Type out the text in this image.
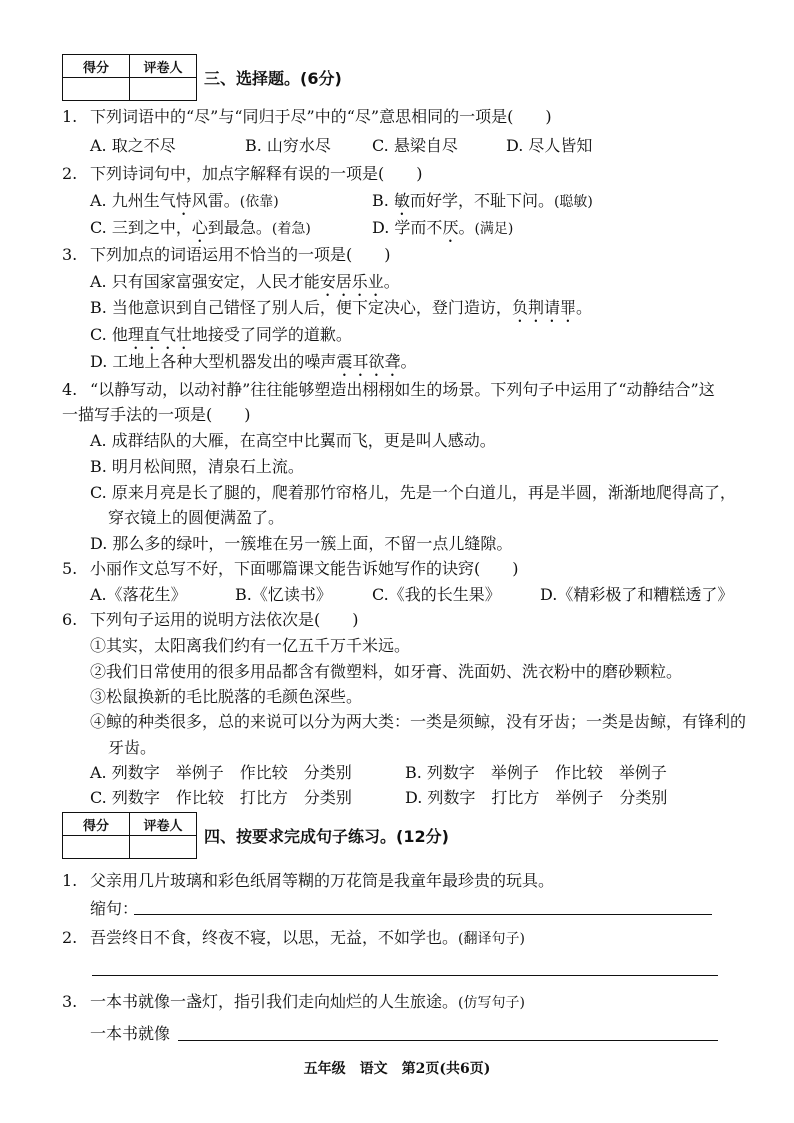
得分	评卷人

三、选择题。(6分)
1. 下列词语中的“尽”与“同归于尽”中的“尽”意思相同的一项是(　　)
A. 取之不尽	B. 山穷水尽	C. 悬梁自尽	D. 尽人皆知
2. 下列诗词句中，加点字解释有误的一项是(　　)
A. 九州生气恃风雷。(依靠)	B. 敏而好学，不耻下问。(聪敏)
C. 三到之中，心到最急。(着急)	D. 学而不厌。(满足)
3. 下列加点的词语运用不恰当的一项是(　　)
A. 只有国家富强安定，人民才能安居乐业。
B. 当他意识到自己错怪了别人后，便下定决心，登门造访，负荆请罪。
C. 他理直气壮地接受了同学的道歉。
D. 工地上各种大型机器发出的噪声震耳欲聋。
4. “以静写动，以动衬静”往往能够塑造出栩栩如生的场景。下列句子中运用了“动静结合”这
一描写手法的一项是(　　)
A. 成群结队的大雁，在高空中比翼而飞，更是叫人感动。
B. 明月松间照，清泉石上流。
C. 原来月亮是长了腿的，爬着那竹帘格儿，先是一个白道儿，再是半圆，渐渐地爬得高了，
穿衣镜上的圆便满盈了。
D. 那么多的绿叶，一簇堆在另一簇上面，不留一点儿缝隙。
5. 小丽作文总写不好，下面哪篇课文能告诉她写作的诀窍(　　)
A.《落花生》	B.《忆读书》	C.《我的长生果》 D.《精彩极了和糟糕透了》
6. 下列句子运用的说明方法依次是(　　)
①其实，太阳离我们约有一亿五千万千米远。
②我们日常使用的很多用品都含有微塑料，如牙膏、洗面奶、洗衣粉中的磨砂颗粒。
③松鼠换新的毛比脱落的毛颜色深些。
④鲸的种类很多，总的来说可以分为两大类：一类是须鲸，没有牙齿；一类是齿鲸，有锋利的
牙齿。
A. 列数字　举例子　作比较　分类别	B. 列数字　举例子　作比较　举例子
C. 列数字　作比较　打比方　分类别	D. 列数字　打比方　举例子　分类别
得分	评卷人

四、按要求完成句子练习。(12分)
1. 父亲用几片玻璃和彩色纸屑等糊的万花筒是我童年最珍贵的玩具。
缩句：
2. 吾尝终日不食，终夜不寝，以思，无益，不如学也。(翻译句子)
3. 一本书就像一盏灯，指引我们走向灿烂的人生旅途。(仿写句子)
一本书就像
五年级　语文　第2页(共6页)
